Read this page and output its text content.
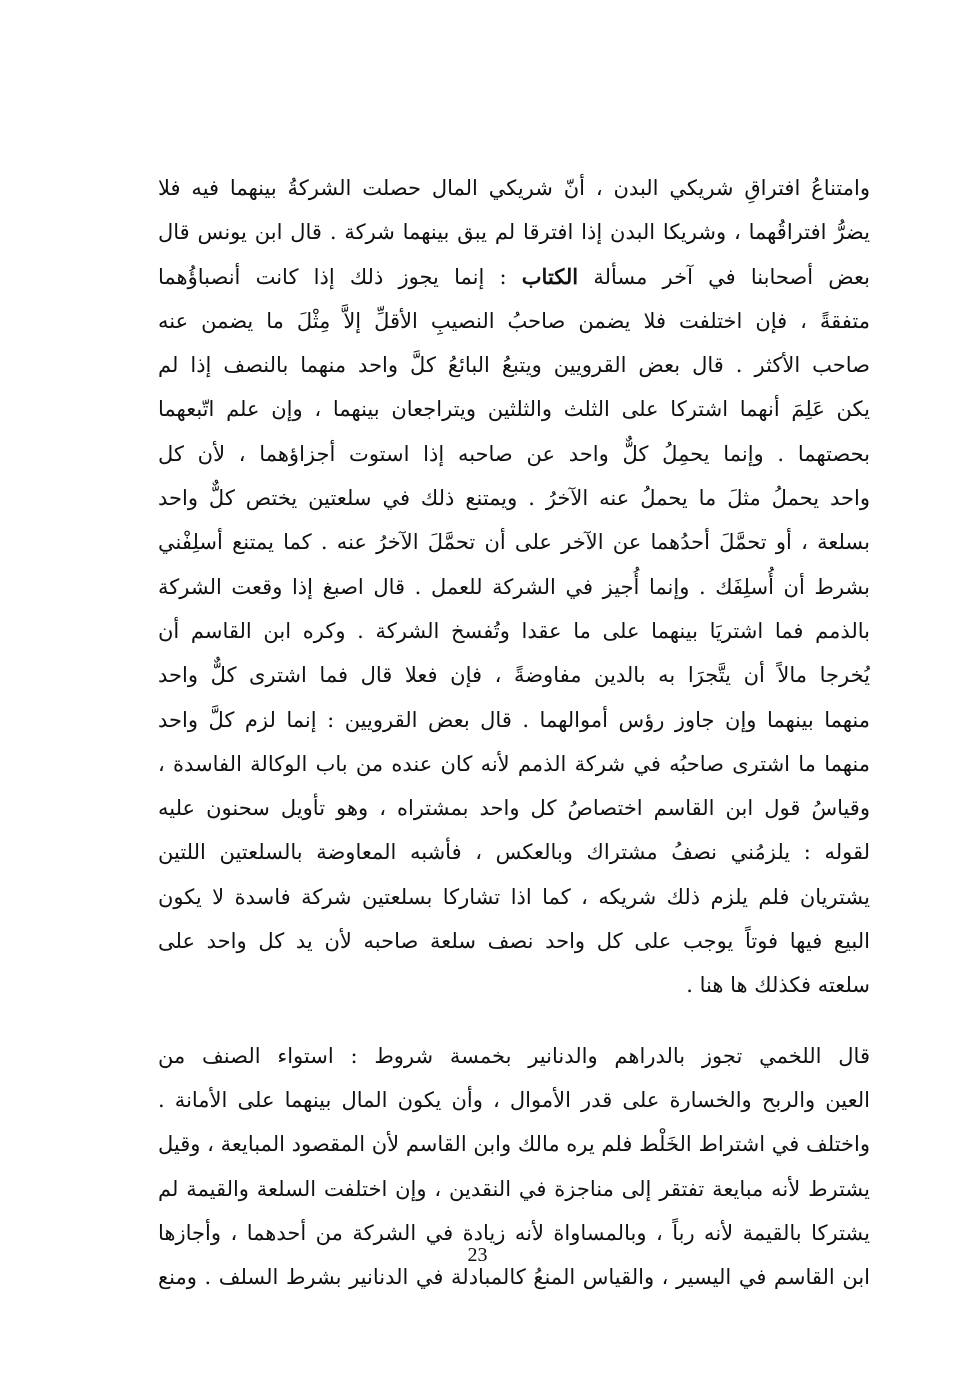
وامتناعُ افتراقِ شريكي البدن ، أنّ شريكي المال حصلت الشركةُ بينهما فيه فلا
يضرُّ افتراقُهما ، وشريكا البدن إذا افترقا لم يبق بينهما شركة . قال ابن يونس قال
بعض أصحابنا في آخر مسألة الكتاب : إنما يجوز ذلك إذا كانت أنصباؤُهما
متفقةً ، فإن اختلفت فلا يضمن صاحبُ النصيبِ الأقلِّ إلاَّ مِثْلَ ما يضمن عنه
صاحب الأكثر . قال بعض القرويين ويتبعُ البائعُ كلَّ واحد منهما بالنصف إذا لم
يكن عَلِمَ أنهما اشتركا على الثلث والثلثين ويتراجعان بينهما ، وإن علم اتّبعهما
بحصتهما . وإنما يحمِلُ كلٌّ واحد عن صاحبه إذا استوت أجزاؤهما ، لأن كل
واحد يحملُ مثلَ ما يحملُ عنه الآخرُ . ويمتنع ذلك في سلعتين يختص كلٌّ واحد
بسلعة ، أو تحمَّلَ أحدُهما عن الآخر على أن تحمَّلَ الآخرُ عنه . كما يمتنع أسلِفْني
بشرط أن أُسلِفَك . وإنما أُجيز في الشركة للعمل . قال اصبغ إذا وقعت الشركة
بالذمم فما اشتريَا بينهما على ما عقدا وتُفسخ الشركة . وكره ابن القاسم أن
يُخرجا مالاً أن يتَّجرَا به بالدين مفاوضةً ، فإن فعلا قال فما اشترى كلٌّ واحد
منهما بينهما وإن جاوز رؤس أموالهما . قال بعض القرويين : إنما لزم كلَّ واحد
منهما ما اشترى صاحبُه في شركة الذمم لأنه كان عنده من باب الوكالة الفاسدة ،
وقياسُ قول ابن القاسم اختصاصُ كل واحد بمشتراه ، وهو تأويل سحنون عليه
لقوله : يلزمُني نصفُ مشتراك وبالعكس ، فأشبه المعاوضة بالسلعتين اللتين
يشتريان فلم يلزم ذلك شريكه ، كما اذا تشاركا بسلعتين شركة فاسدة لا يكون
البيع فيها فوتاً يوجب على كل واحد نصف سلعة صاحبه لأن يد كل واحد على
سلعته فكذلك ها هنا .
قال اللخمي تجوز بالدراهم والدنانير بخمسة شروط : استواء الصنف من
العين والربح والخسارة على قدر الأموال ، وأن يكون المال بينهما على الأمانة .
واختلف في اشتراط الخَلْط فلم يره مالك وابن القاسم لأن المقصود المبايعة ، وقيل
يشترط لأنه مبايعة تفتقر إلى مناجزة في النقدين ، وإن اختلفت السلعة والقيمة لم
يشتركا بالقيمة لأنه رباً ، وبالمساواة لأنه زيادة في الشركة من أحدهما ، وأجازها
ابن القاسم في اليسير ، والقياس المنعُ كالمبادلة في الدنانير بشرط السلف . ومنع
23
